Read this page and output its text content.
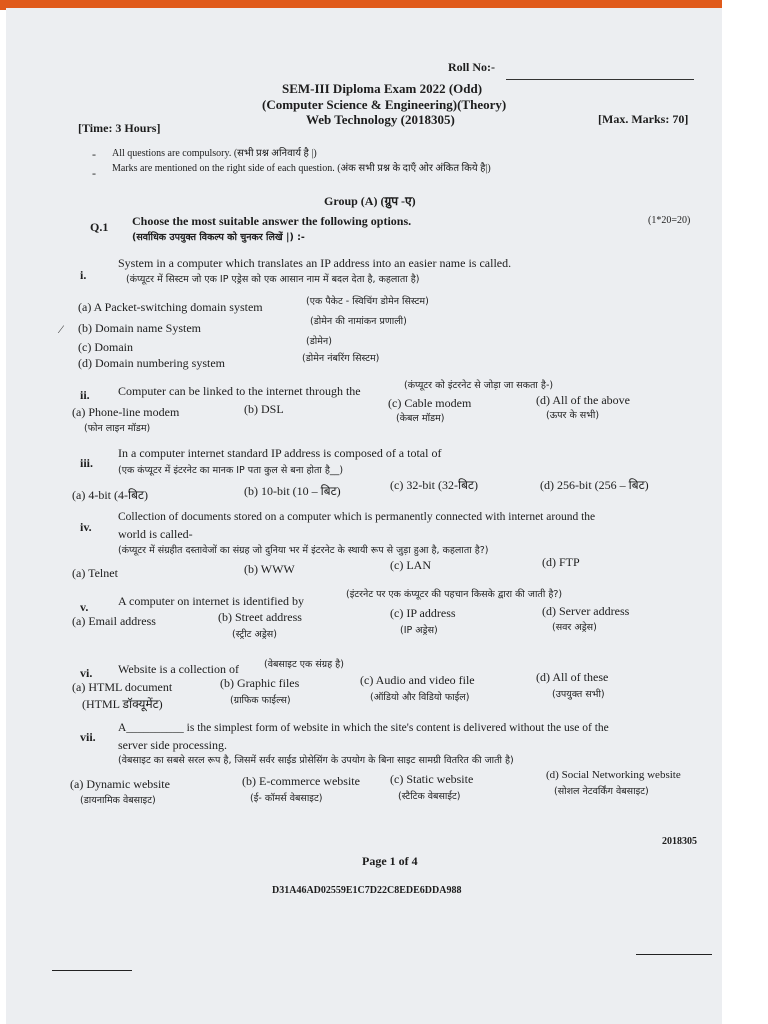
Roll No:-
SEM-III Diploma Exam 2022 (Odd)
(Computer Science & Engineering)(Theory)
Web Technology (2018305)
[Time: 3 Hours]
[Max. Marks: 70]
- All questions are compulsory. (सभी प्रश्न अनिवार्य है |)
- Marks are mentioned on the right side of each question. (अंक सभी प्रश्न के दाएँ ओर अंकित किये है|)
Group (A) (ग्रुप -ए)
Q.1 Choose the most suitable answer the following options.
(सर्वाधिक उपयुक्त विकल्प को चुनकर लिखें |) :-
(1*20=20)
i.
System in a computer which translates an IP address into an easier name is called.
(कंप्यूटर में सिस्टम जो एक IP एड्रेस को एक आसान नाम में बदल देता है, कहलाता है)
(a) A Packet-switching domain system	(एक पैकेट - स्विचिंग डोमेन सिस्टम)
(b) Domain name System	(डोमेन की नामांकन प्रणाली)
⁄
(c) Domain	(डोमेन)
(d) Domain numbering system	(डोमेन नंबरिंग सिस्टम)
ii. Computer can be linked to the internet through the	(कंप्यूटर को इंटरनेट से जोड़ा जा सकता है-)
(a) Phone-line modem
(फोन लाइन मॉडम)
(b) DSL	(c) Cable modem
(केबल मॉडम)
(d) All of the above
(ऊपर के सभी)
iii.
In a computer internet standard IP address is composed of a total of
(एक कंप्यूटर में इंटरनेट का मानक IP पता कुल से बना होता है__)
(a) 4-bit (4-बिट)	(b) 10-bit (10 – बिट)	(c) 32-bit (32-बिट)	(d) 256-bit (256 – बिट)
iv.
Collection of documents stored on a computer which is permanently connected with internet around the
world is called-
(कंप्यूटर में संग्रहीत दस्तावेजों का संग्रह जो दुनिया भर में इंटरनेट के स्थायी रूप से जुड़ा हुआ है, कहलाता है?)
(a) Telnet	(b) WWW	(c) LAN	(d) FTP
v. A computer on internet is identified by	(इंटरनेट पर एक कंप्यूटर की पहचान किसके द्वारा की जाती है?)
(a) Email address	(b) Street address
(स्ट्रीट अड्रेस)
(c) IP address
(IP अड्रेस)
(d) Server address
(सवर अड्रेस)
vi. Website is a collection of	(वेबसाइट एक संग्रह है)
(a) HTML document
(HTML डॉक्यूमेंट)
(b) Graphic files
(ग्राफिक फाईल्स)
(c) Audio and video file
(ऑडियो और विडियो फाईल)
(d) All of these
(उपयुक्त सभी)
vii.
A__________ is the simplest form of website in which the site's content is delivered without the use of the
server side processing.
(वेबसाइट का सबसे सरल रूप है, जिसमें सर्वर साईड प्रोसेसिंग के उपयोग के बिना साइट सामग्री वितरित की जाती है)
(a) Dynamic website
(डायनामिक वेबसाइट)
(b) E-commerce website
(ई- कॉमर्स वेबसाइट)
(c) Static website
(स्टैटिक वेबसाईट)
(d) Social Networking website
(सोशल नेटवर्किंग वेबसाइट)
2018305
Page 1 of 4
D31A46AD02559E1C7D22C8EDE6DDA988
